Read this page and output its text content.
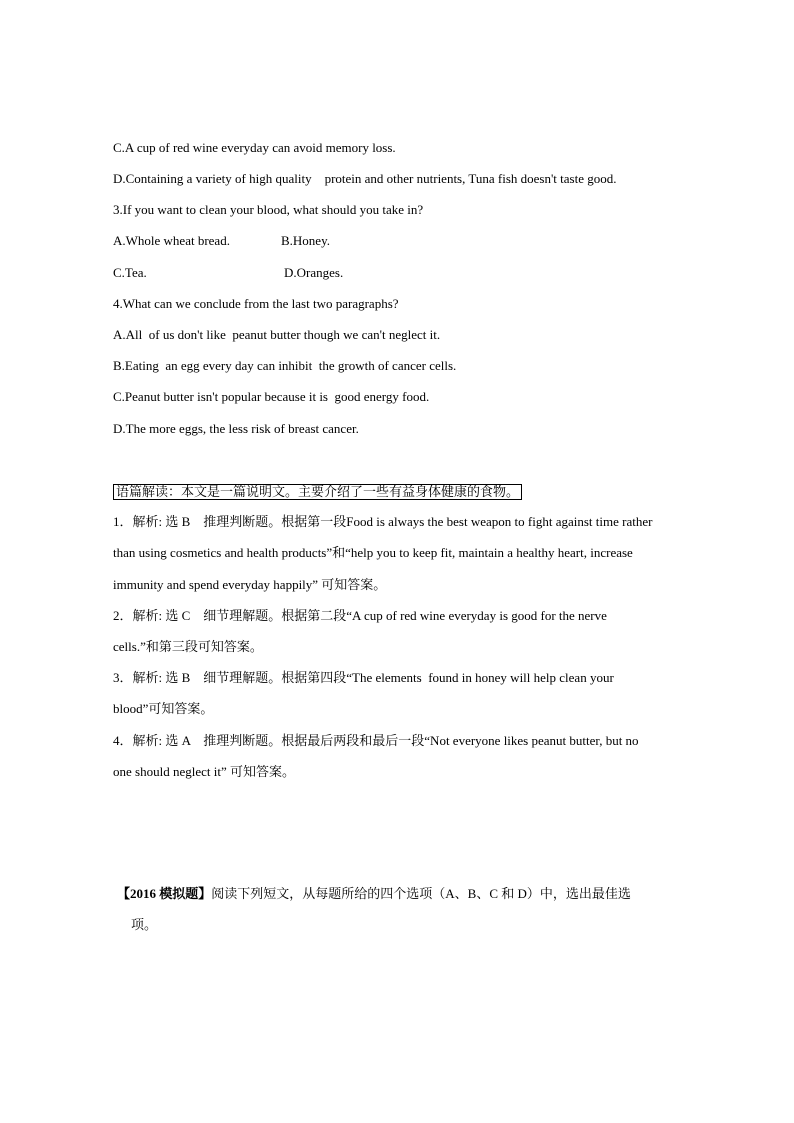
C.A cup of red wine everyday can avoid memory loss.
D.Containing a variety of high quality    protein and other nutrients, Tuna fish doesn't taste good.
3.If you want to clean your blood, what should you take in?
A.Whole wheat bread.	B.Honey.
C.Tea.	D.Oranges.
4.What can we conclude from the last two paragraphs?
A.All  of us don't like  peanut butter though we can't neglect it.
B.Eating  an egg every day can inhibit  the growth of cancer cells.
C.Peanut butter isn't popular because it is  good energy food.
D.The more eggs, the less risk of breast cancer.
语篇解读：本文是一篇说明文。主要介绍了一些有益身体健康的食物。
1．解析: 选 B    推理判断题。根据第一段Food is always the best weapon to fight against time rather
than using cosmetics and health products”和“help you to keep fit, maintain a healthy heart, increase
immunity and spend everyday happily” 可知答案。
2．解析: 选 C    细节理解题。根据第二段“A cup of red wine everyday is good for the nerve
cells.”和第三段可知答案。
3．解析: 选 B    细节理解题。根据第四段“The elements  found in honey will help clean your
blood”可知答案。
4．解析: 选 A    推理判断题。根据最后两段和最后一段“Not everyone likes peanut butter, but no
one should neglect it” 可知答案。
【2016 模拟题】阅读下列短文，从每题所给的四个选项（A、B、C 和 D）中，选出最佳选
项。
